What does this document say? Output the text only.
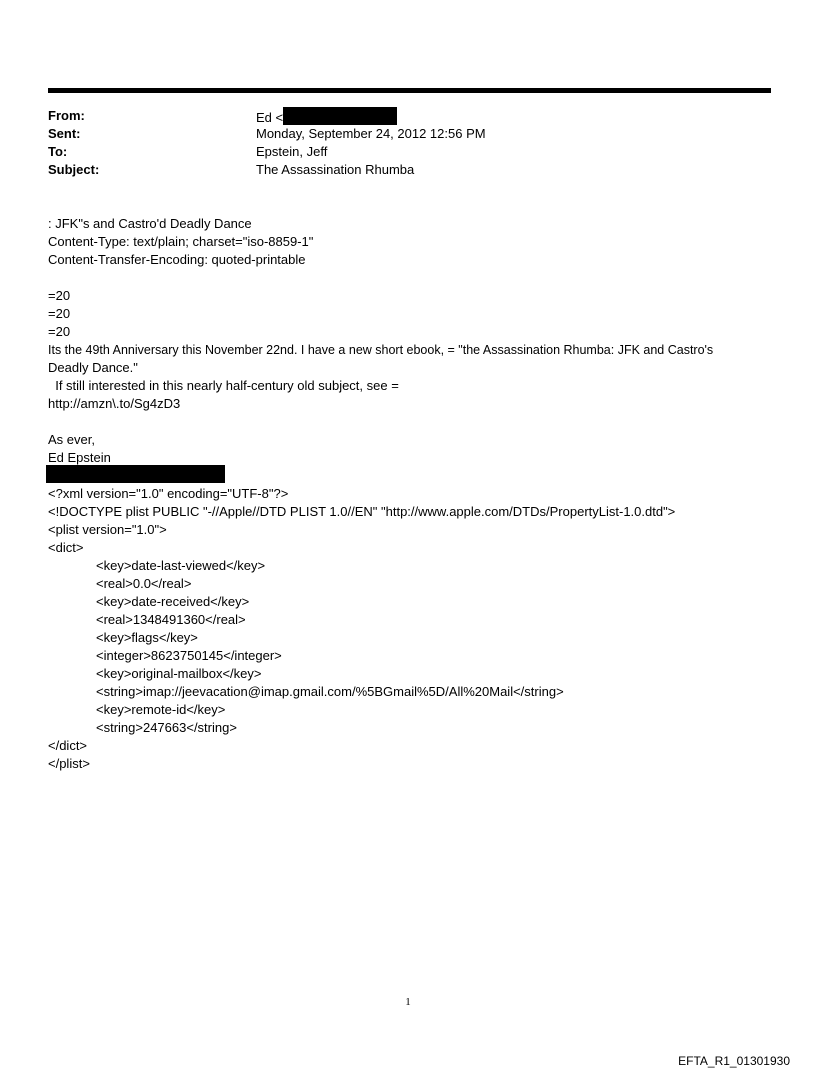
From:	Ed <
Sent:	Monday, September 24, 2012 12:56 PM
To:	Epstein, Jeff
Subject:	The Assassination Rhumba
: JFK"s and Castro'd Deadly Dance
Content-Type: text/plain; charset="iso-8859-1"
Content-Transfer-Encoding: quoted-printable
=20
=20
=20
Its the 49th Anniversary this November 22nd. I have a new short ebook, = "the Assassination Rhumba: JFK and Castro's
Deadly Dance."
If still interested in this nearly half-century old subject, see =
http://amzn\.to/Sg4zD3
As ever,
Ed Epstein
<?xml version="1.0" encoding="UTF-8"?>
<!DOCTYPE plist PUBLIC "-//Apple//DTD PLIST 1.0//EN" "http://www.apple.com/DTDs/PropertyList-1.0.dtd">
<plist version="1.0">
<dict>
<key>date-last-viewed</key>
<real>0.0</real>
<key>date-received</key>
<real>1348491360</real>
<key>flags</key>
<integer>8623750145</integer>
<key>original-mailbox</key>
<string>imap://jeevacation@imap.gmail.com/%5BGmail%5D/All%20Mail</string>
<key>remote-id</key>
<string>247663</string>
</dict>
</plist>
1
EFTA_R1_01301930
